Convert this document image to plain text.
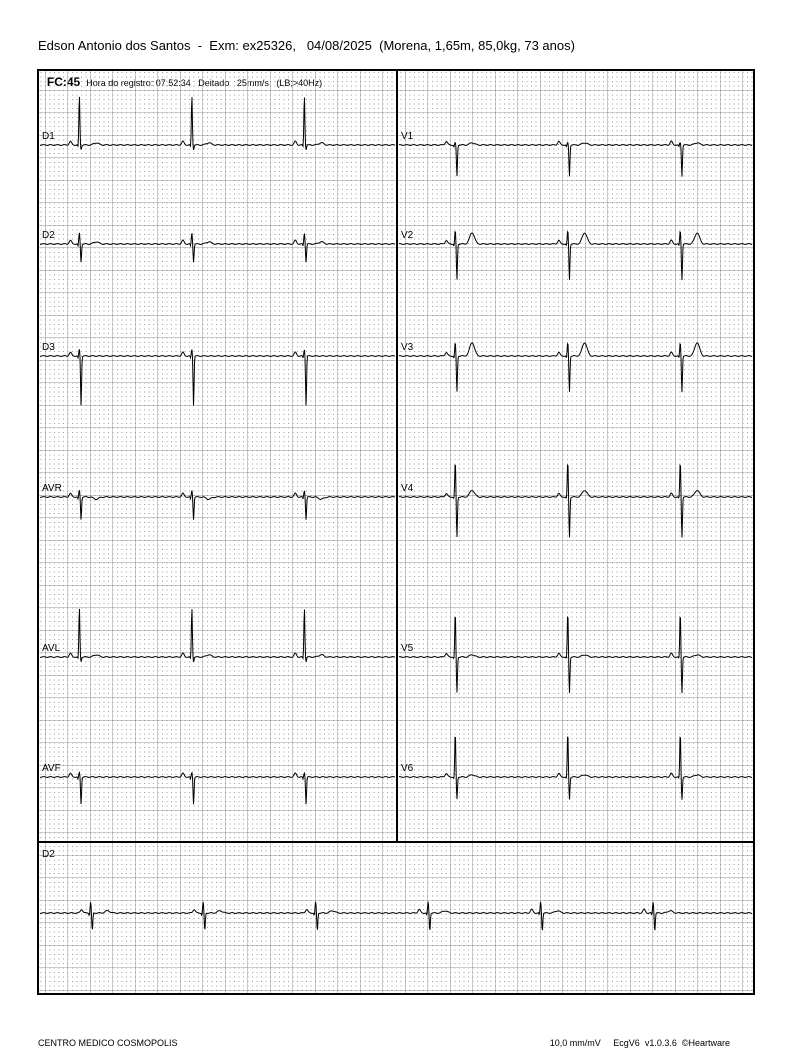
Edson Antonio dos Santos  -  Exm: ex25326,   04/08/2025  (Morena, 1,65m, 85,0kg, 73 anos)

D1
D2
D3
AVR
AVL
AVF
V1
V2
V3
V4
V5
V6
D2
CENTRO MEDICO COSMOPOLIS	10,0 mm/mV EcgV6  v1.0.3.6  ©Heartware
